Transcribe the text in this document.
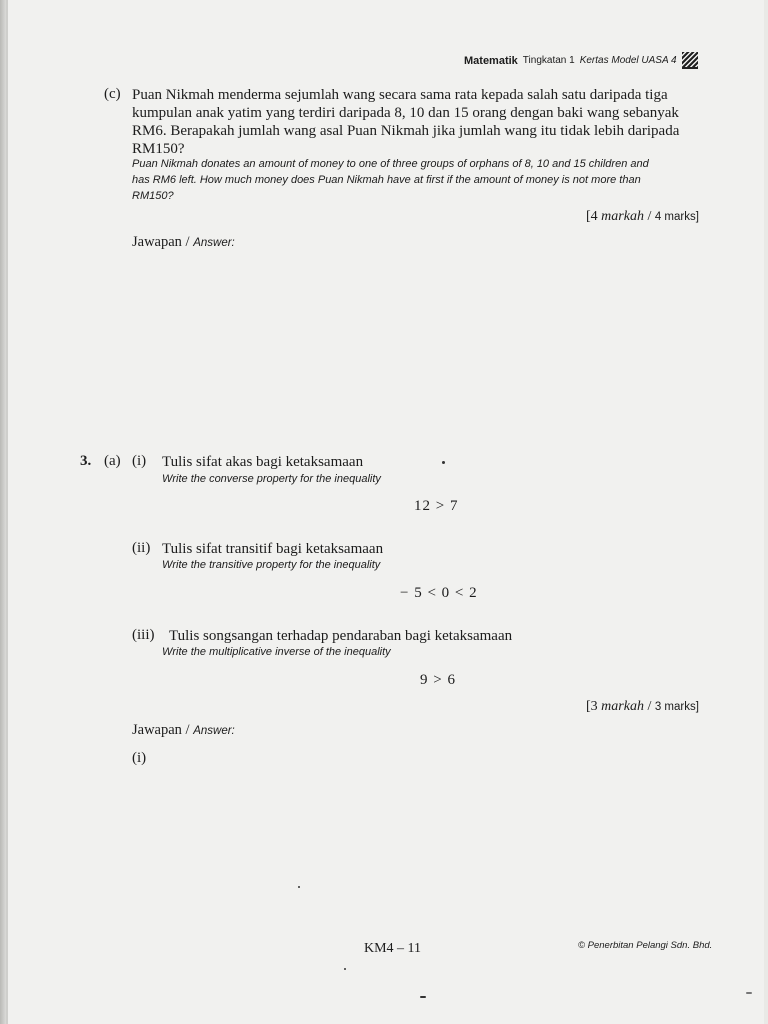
Matematik Tingkatan 1 Kertas Model UASA 4
(c) Puan Nikmah menderma sejumlah wang secara sama rata kepada salah satu daripada tiga
kumpulan anak yatim yang terdiri daripada 8, 10 dan 15 orang dengan baki wang sebanyak
RM6. Berapakah jumlah wang asal Puan Nikmah jika jumlah wang itu tidak lebih daripada
RM150?
Puan Nikmah donates an amount of money to one of three groups of orphans of 8, 10 and 15 children and
has RM6 left. How much money does Puan Nikmah have at first if the amount of money is not more than
RM150?
[4 markah / 4 marks]
Jawapan / Answer:
3. (a) (i) Tulis sifat akas bagi ketaksamaan
Write the converse property for the inequality
12 > 7
(ii) Tulis sifat transitif bagi ketaksamaan
Write the transitive property for the inequality
− 5 < 0 < 2
(iii) Tulis songsangan terhadap pendaraban bagi ketaksamaan
Write the multiplicative inverse of the inequality
9 > 6
[3 markah / 3 marks]
Jawapan / Answer:
(i)
KM4 – 11	© Penerbitan Pelangi Sdn. Bhd.
